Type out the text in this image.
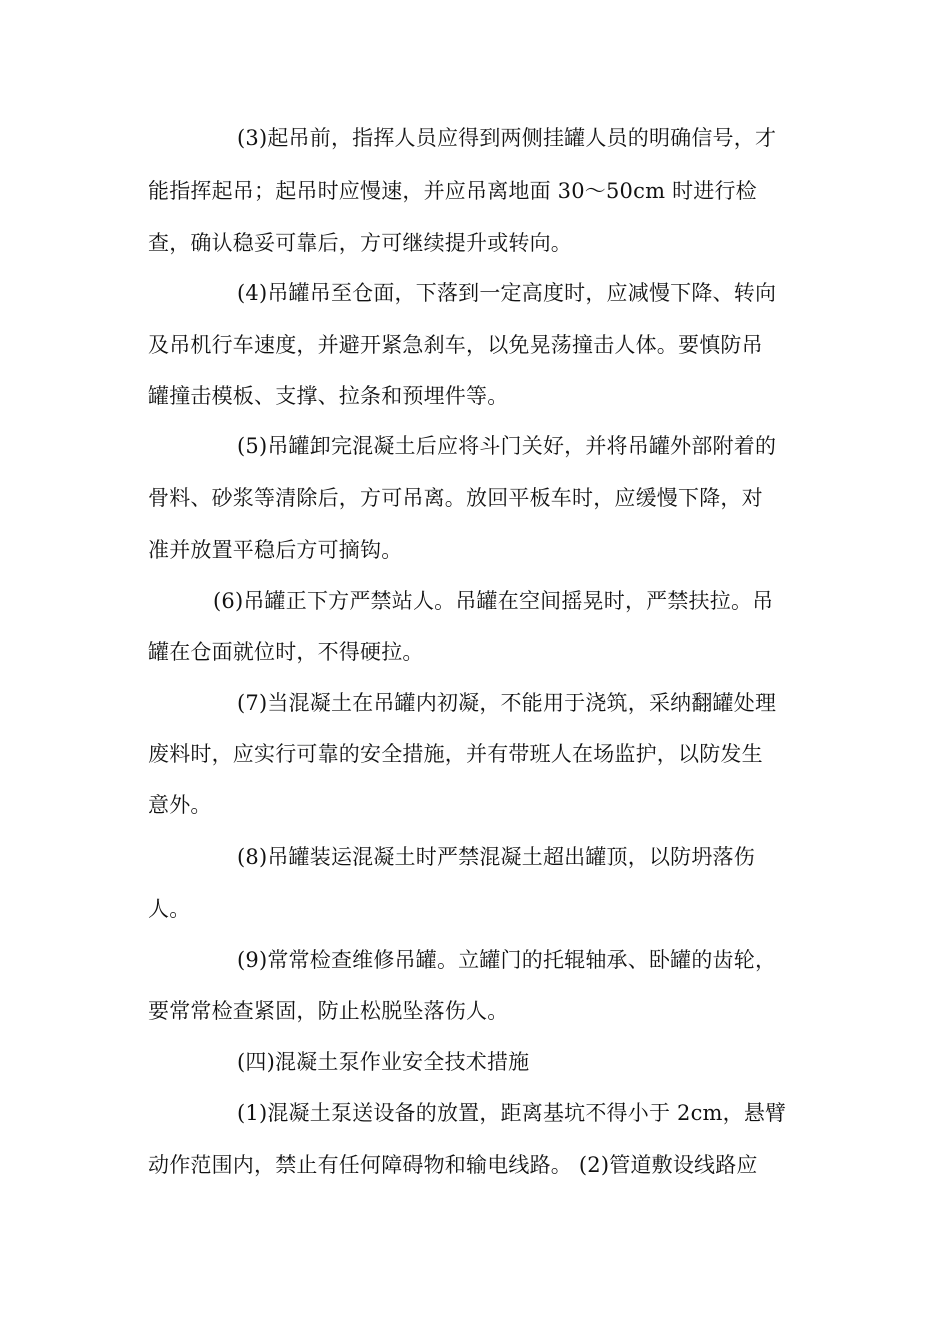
(3)起吊前，指挥人员应得到两侧挂罐人员的明确信号，才
能指挥起吊；起吊时应慢速，并应吊离地面 30～50cm 时进行检
查，确认稳妥可靠后，方可继续提升或转向。
(4)吊罐吊至仓面，下落到一定高度时，应减慢下降、转向
及吊机行车速度，并避开紧急刹车，以免晃荡撞击人体。要慎防吊
罐撞击模板、支撑、拉条和预埋件等。
(5)吊罐卸完混凝土后应将斗门关好，并将吊罐外部附着的
骨料、砂浆等清除后，方可吊离。放回平板车时，应缓慢下降，对
准并放置平稳后方可摘钩。
(6)吊罐正下方严禁站人。吊罐在空间摇晃时，严禁扶拉。吊
罐在仓面就位时，不得硬拉。
(7)当混凝土在吊罐内初凝，不能用于浇筑，采纳翻罐处理
废料时，应实行可靠的安全措施，并有带班人在场监护，以防发生
意外。
(8)吊罐装运混凝土时严禁混凝土超出罐顶，以防坍落伤
人。
(9)常常检查维修吊罐。立罐门的托辊轴承、卧罐的齿轮，
要常常检查紧固，防止松脱坠落伤人。
(四)混凝土泵作业安全技术措施
(1)混凝土泵送设备的放置，距离基坑不得小于 2cm，悬臂
动作范围内，禁止有任何障碍物和输电线路。 (2)管道敷设线路应
